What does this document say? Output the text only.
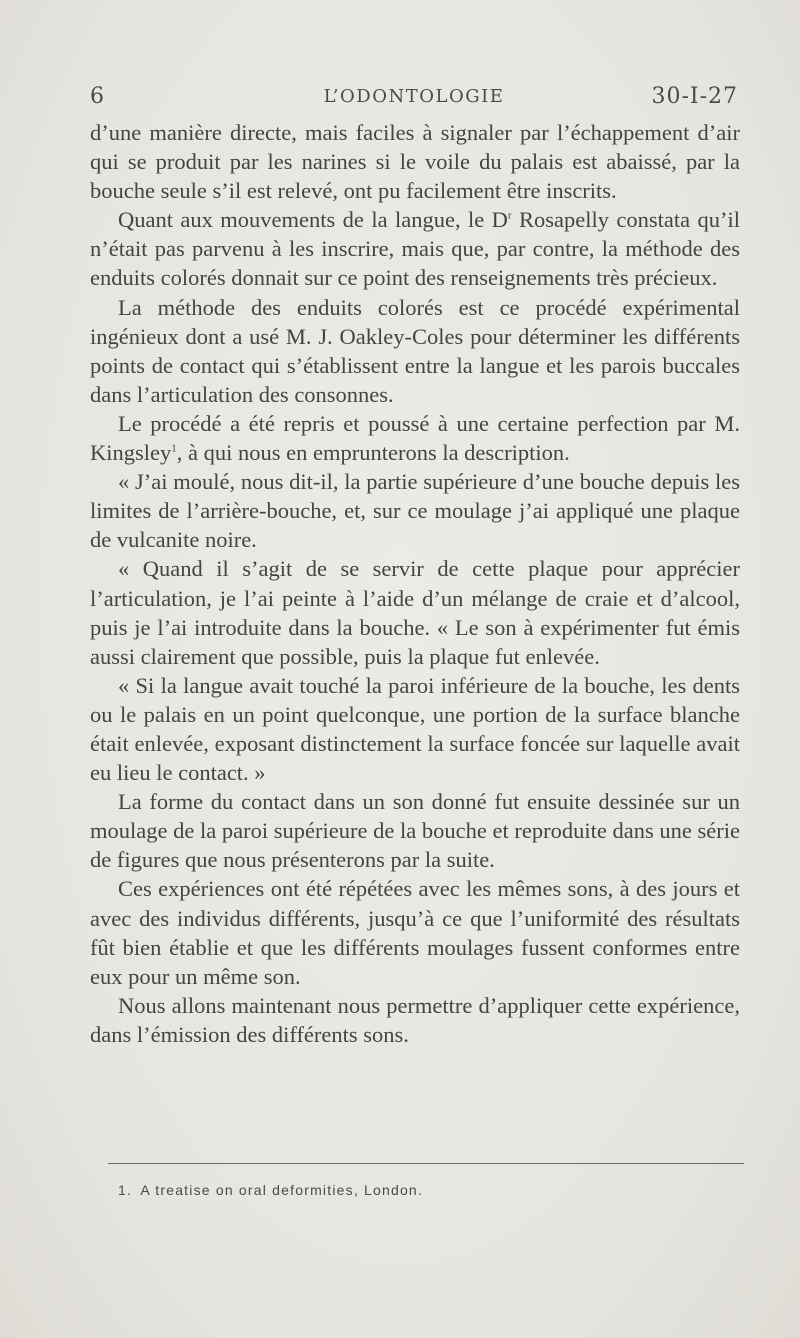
6	L’ODONTOLOGIE	30-I-27

d’une manière directe, mais faciles à signaler par l’échappement d’air qui se produit par les narines si le voile du palais est abaissé, par la bouche seule s’il est relevé, ont pu facilement être inscrits.

Quant aux mouvements de la langue, le $D^r$ Rosapelly constata qu’il n’était pas parvenu à les inscrire, mais que, par contre, la méthode des enduits colorés donnait sur ce point des renseignements très précieux.

La méthode des enduits colorés est ce procédé expérimental ingénieux dont a usé M. J. Oakley-Coles pour déterminer les différents points de contact qui s’établissent entre la langue et les parois buccales dans l’articulation des consonnes.

Le procédé a été repris et poussé à une certaine perfection par M. Kingsley$^1$, à qui nous en emprunterons la description.

« J’ai moulé, nous dit-il, la partie supérieure d’une bouche depuis les limites de l’arrière-bouche, et, sur ce moulage j’ai appliqué une plaque de vulcanite noire.

« Quand il s’agit de se servir de cette plaque pour apprécier l’articulation, je l’ai peinte à l’aide d’un mélange de craie et d’alcool, puis je l’ai introduite dans la bouche. « Le son à expérimenter fut émis aussi clairement que possible, puis la plaque fut enlevée.

« Si la langue avait touché la paroi inférieure de la bouche, les dents ou le palais en un point quelconque, une portion de la surface blanche était enlevée, exposant distinctement la surface foncée sur laquelle avait eu lieu le contact. »

La forme du contact dans un son donné fut ensuite dessinée sur un moulage de la paroi supérieure de la bouche et reproduite dans une série de figures que nous présenterons par la suite.

Ces expériences ont été répétées avec les mêmes sons, à des jours et avec des individus différents, jusqu’à ce que l’uniformité des résultats fût bien établie et que les différents moulages fussent conformes entre eux pour un même son.

Nous allons maintenant nous permettre d’appliquer cette expérience, dans l’émission des différents sons.

1. A treatise on oral deformities, London.
